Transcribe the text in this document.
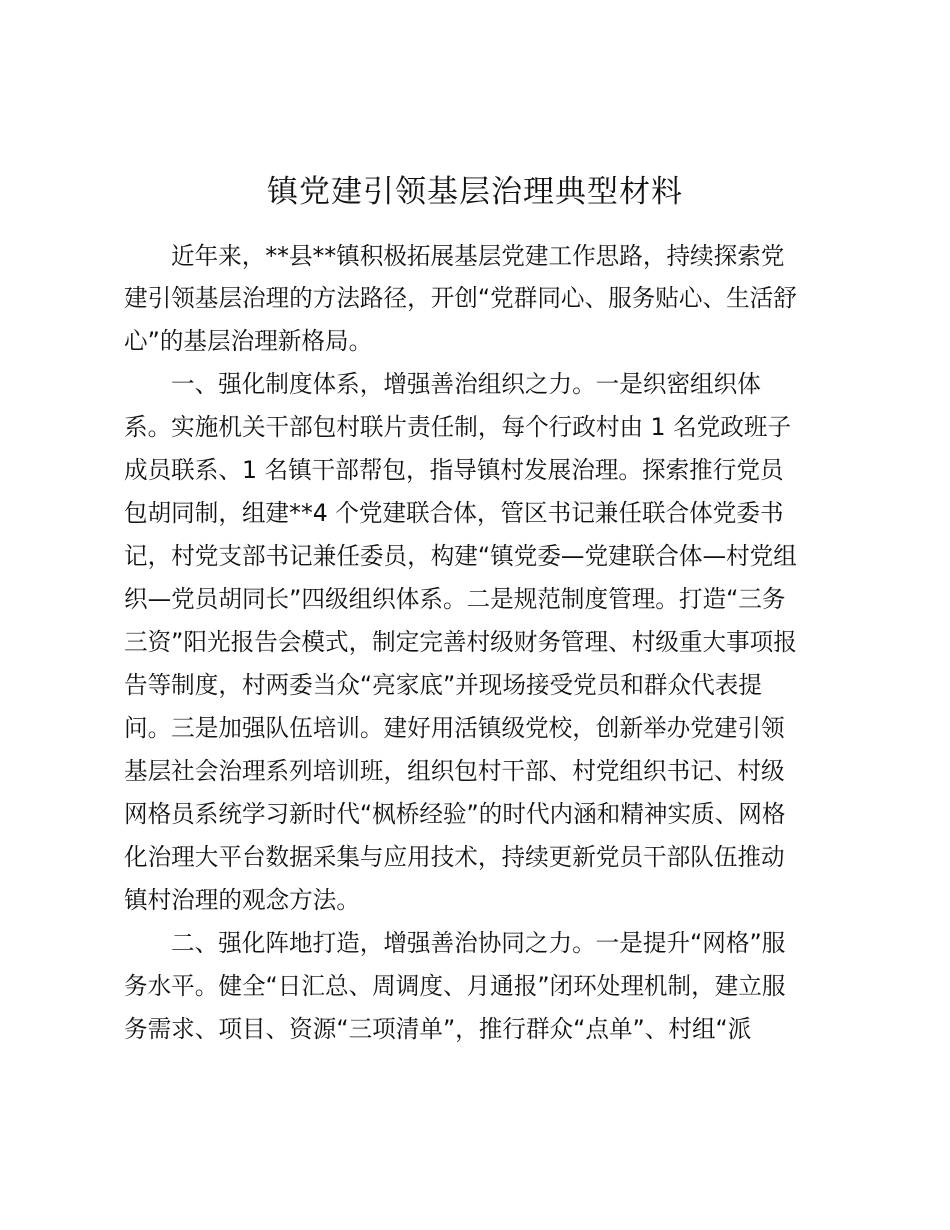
镇党建引领基层治理典型材料

近年来，**县**镇积极拓展基层党建工作思路，持续探索党

建引领基层治理的方法路径，开创“党群同心、服务贴心、生活舒

心”的基层治理新格局。

一、强化制度体系，增强善治组织之力。一是织密组织体

系。实施机关干部包村联片责任制，每个行政村由 1 名党政班子

成员联系、1 名镇干部帮包，指导镇村发展治理。探索推行党员

包胡同制，组建**4 个党建联合体，管区书记兼任联合体党委书

记，村党支部书记兼任委员，构建“镇党委—党建联合体—村党组

织—党员胡同长”四级组织体系。二是规范制度管理。打造“三务

三资”阳光报告会模式，制定完善村级财务管理、村级重大事项报

告等制度，村两委当众“亮家底”并现场接受党员和群众代表提

问。三是加强队伍培训。建好用活镇级党校，创新举办党建引领

基层社会治理系列培训班，组织包村干部、村党组织书记、村级

网格员系统学习新时代“枫桥经验”的时代内涵和精神实质、网格

化治理大平台数据采集与应用技术，持续更新党员干部队伍推动

镇村治理的观念方法。

二、强化阵地打造，增强善治协同之力。一是提升“网格”服

务水平。健全“日汇总、周调度、月通报”闭环处理机制，建立服

务需求、项目、资源“三项清单”，推行群众“点单”、村组“派
